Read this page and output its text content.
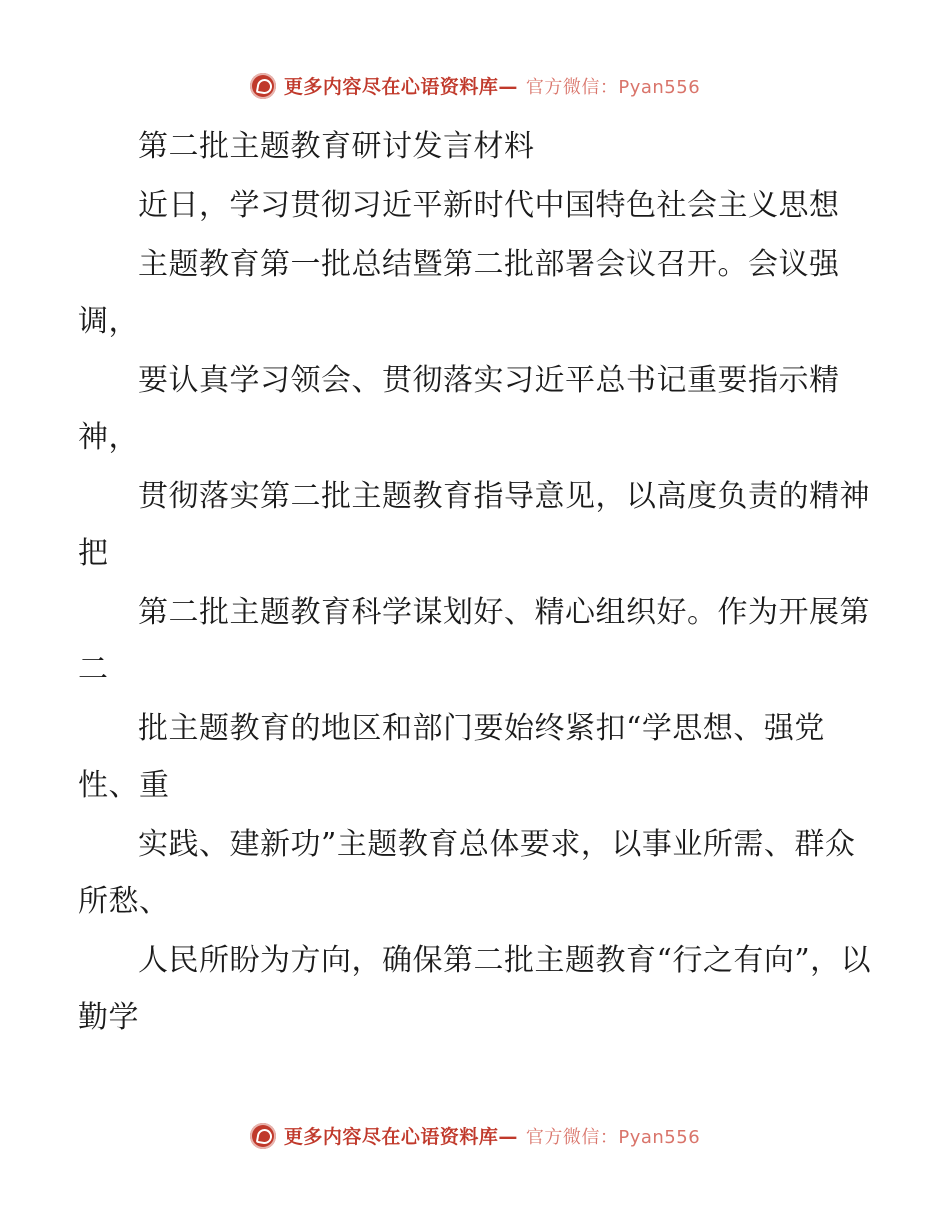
更多内容尽在心语资料库— 官方微信：Pyan556

第二批主题教育研讨发言材料

近日，学习贯彻习近平新时代中国特色社会主义思想

主题教育第一批总结暨第二批部署会议召开。会议强调，

要认真学习领会、贯彻落实习近平总书记重要指示精神，

贯彻落实第二批主题教育指导意见，以高度负责的精神把

第二批主题教育科学谋划好、精心组织好。作为开展第二

批主题教育的地区和部门要始终紧扣“学思想、强党性、重

实践、建新功”主题教育总体要求，以事业所需、群众所愁、

人民所盼为方向，确保第二批主题教育“行之有向”，以勤学

更多内容尽在心语资料库— 官方微信：Pyan556
